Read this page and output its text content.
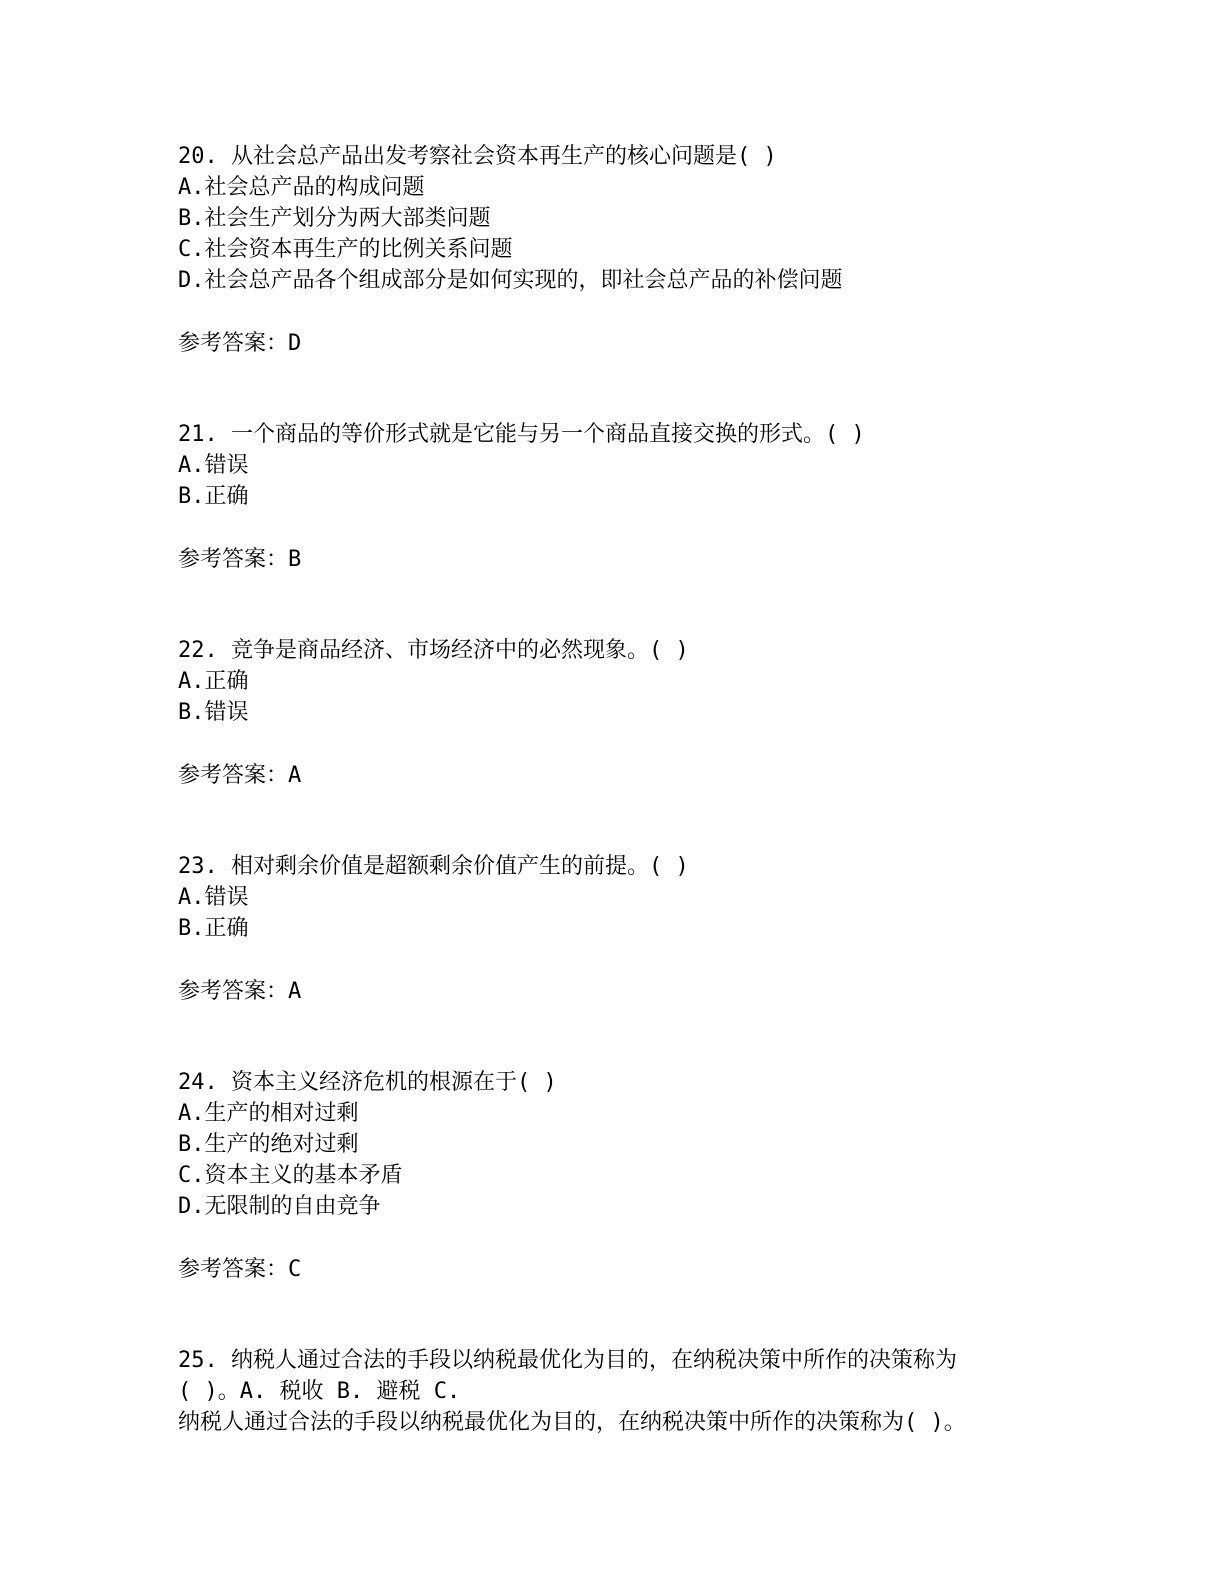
20. 从社会总产品出发考察社会资本再生产的核心问题是( )
A.社会总产品的构成问题
B.社会生产划分为两大部类问题
C.社会资本再生产的比例关系问题
D.社会总产品各个组成部分是如何实现的，即社会总产品的补偿问题
参考答案：D
21. 一个商品的等价形式就是它能与另一个商品直接交换的形式。( )
A.错误
B.正确
参考答案：B
22. 竞争是商品经济、市场经济中的必然现象。( )
A.正确
B.错误
参考答案：A
23. 相对剩余价值是超额剩余价值产生的前提。( )
A.错误
B.正确
参考答案：A
24. 资本主义经济危机的根源在于( )
A.生产的相对过剩
B.生产的绝对过剩
C.资本主义的基本矛盾
D.无限制的自由竞争
参考答案：C
25. 纳税人通过合法的手段以纳税最优化为目的，在纳税决策中所作的决策称为
( )。A. 税收 B. 避税 C.
纳税人通过合法的手段以纳税最优化为目的，在纳税决策中所作的决策称为( )。
